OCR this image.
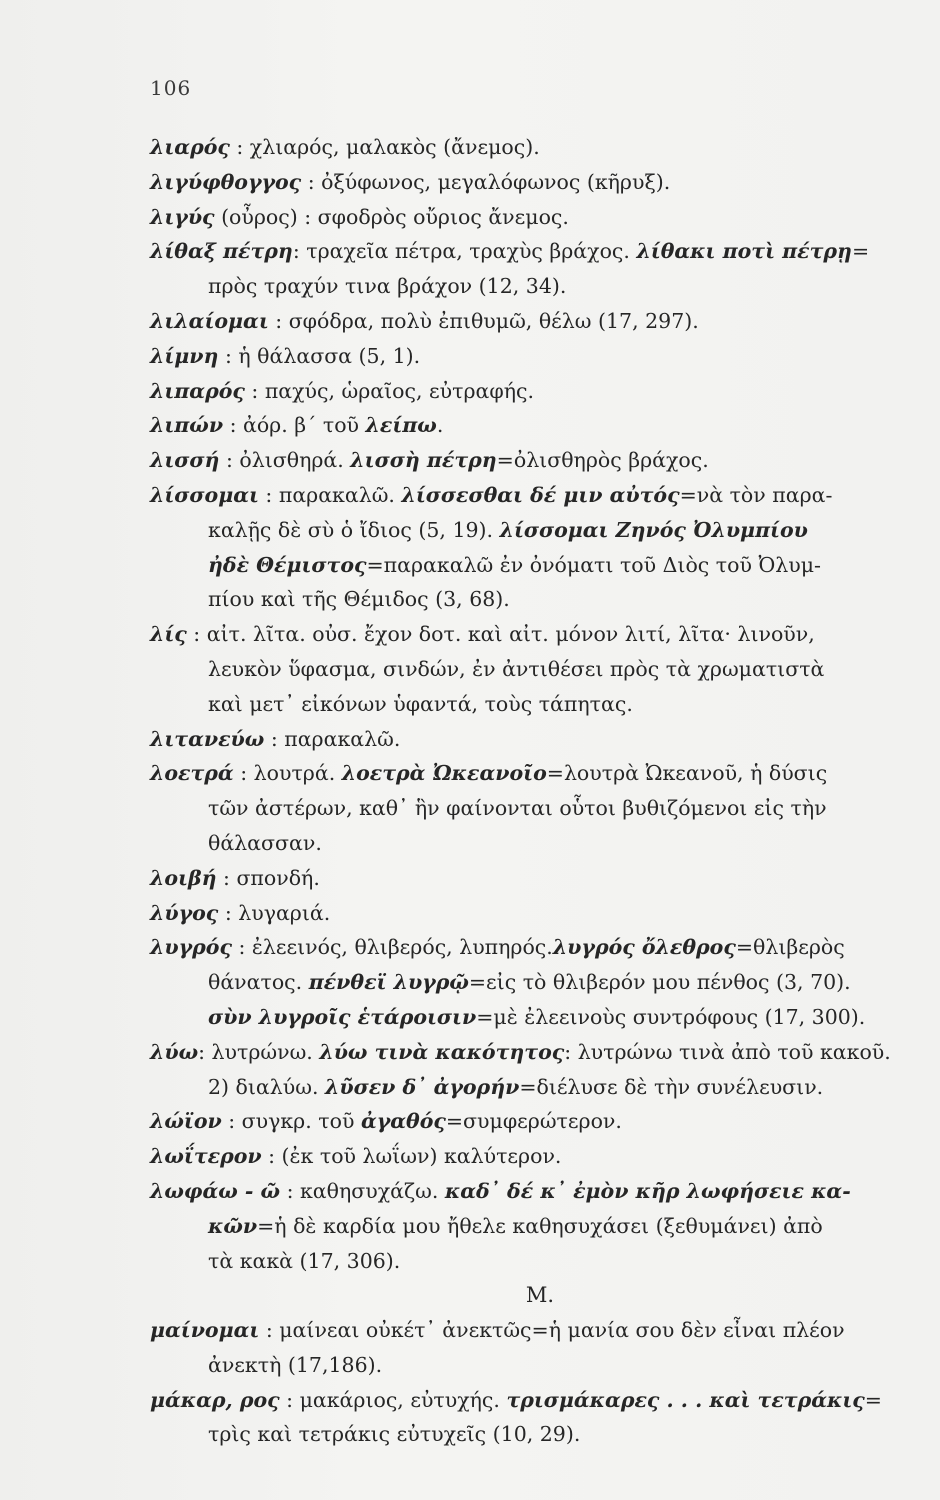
106

λιαρός : χλιαρός, μαλακὸς (ἄνεμος).

λιγύφθογγος : ὀξύφωνος, μεγαλόφωνος (κῆρυξ).

λιγύς (οὖρος) : σφοδρὸς οὔριος ἄνεμος.

λίθαξ πέτρη: τραχεῖα πέτρα, τραχὺς βράχος. λίθακι ποτὶ πέτρῃ=
πρὸς τραχύν τινα βράχον (12, 34).

λιλαίομαι : σφόδρα, πολὺ ἐπιθυμῶ, θέλω (17, 297).

λίμνη : ἡ θάλασσα (5, 1).

λιπαρός : παχύς, ὡραῖος, εὐτραφής.

λιπών : ἀόρ. β΄ τοῦ λείπω.

λισσή : ὀλισθηρά. λισσὴ πέτρη=ὀλισθηρὸς βράχος.

λίσσομαι : παρακαλῶ. λίσσεσθαι δέ μιν αὐτός=νὰ τὸν παρα-
καλῇς δὲ σὺ ὁ ἴδιος (5, 19). λίσσομαι Ζηνός Ὀλυμπίου
ἠδὲ Θέμιστος=παρακαλῶ ἐν ὀνόματι τοῦ Διὸς τοῦ Ὀλυμ-
πίου καὶ τῆς Θέμιδος (3, 68).

λίς : αἰτ. λῖτα. οὐσ. ἔχον δοτ. καὶ αἰτ. μόνον λιτί, λῖτα· λινοῦν,
λευκὸν ὕφασμα, σινδών, ἐν ἀντιθέσει πρὸς τὰ χρωματιστὰ
καὶ μετ᾽ εἰκόνων ὑφαντά, τοὺς τάπητας.

λιτανεύω : παρακαλῶ.

λοετρά : λουτρά. λοετρὰ Ὠκεανοῖο=λουτρὰ Ὠκεανοῦ, ἡ δύσις
τῶν ἀστέρων, καθ᾽ ἣν φαίνονται οὗτοι βυθιζόμενοι εἰς τὴν
θάλασσαν.

λοιβή : σπονδή.

λύγος : λυγαριά.

λυγρός : ἐλεεινός, θλιβερός, λυπηρός.λυγρός ὄλεθρος=θλιβερὸς
θάνατος. πένθεϊ λυγρῷ=εἰς τὸ θλιβερόν μου πένθος (3, 70).
σὺν λυγροῖς ἑτάροισιν=μὲ ἐλεεινοὺς συντρόφους (17, 300).

λύω: λυτρώνω. λύω τινὰ κακότητος: λυτρώνω τινὰ ἀπὸ τοῦ κακοῦ.
2) διαλύω. λῦσεν δ᾽ ἀγορήν=διέλυσε δὲ τὴν συνέλευσιν.

λώϊον : συγκρ. τοῦ ἀγαθός=συμφερώτερον.

λωΐτερον : (ἐκ τοῦ λωΐων) καλύτερον.

λωφάω - ῶ : καθησυχάζω. καδ᾽ δέ κ᾽ ἐμὸν κῆρ λωφήσειε κα-
κῶν=ἡ δὲ καρδία μου ἤθελε καθησυχάσει (ξεθυμάνει) ἀπὸ
τὰ κακὰ (17, 306).

Μ.

μαίνομαι : μαίνεαι οὐκέτ᾽ ἀνεκτῶς=ἡ μανία σου δὲν εἶναι πλέον
ἀνεκτὴ (17,186).

μάκαρ, ρος : μακάριος, εὐτυχής. τρισμάκαρες . . . καὶ τετράκις=
τρὶς καὶ τετράκις εὐτυχεῖς (10, 29).
